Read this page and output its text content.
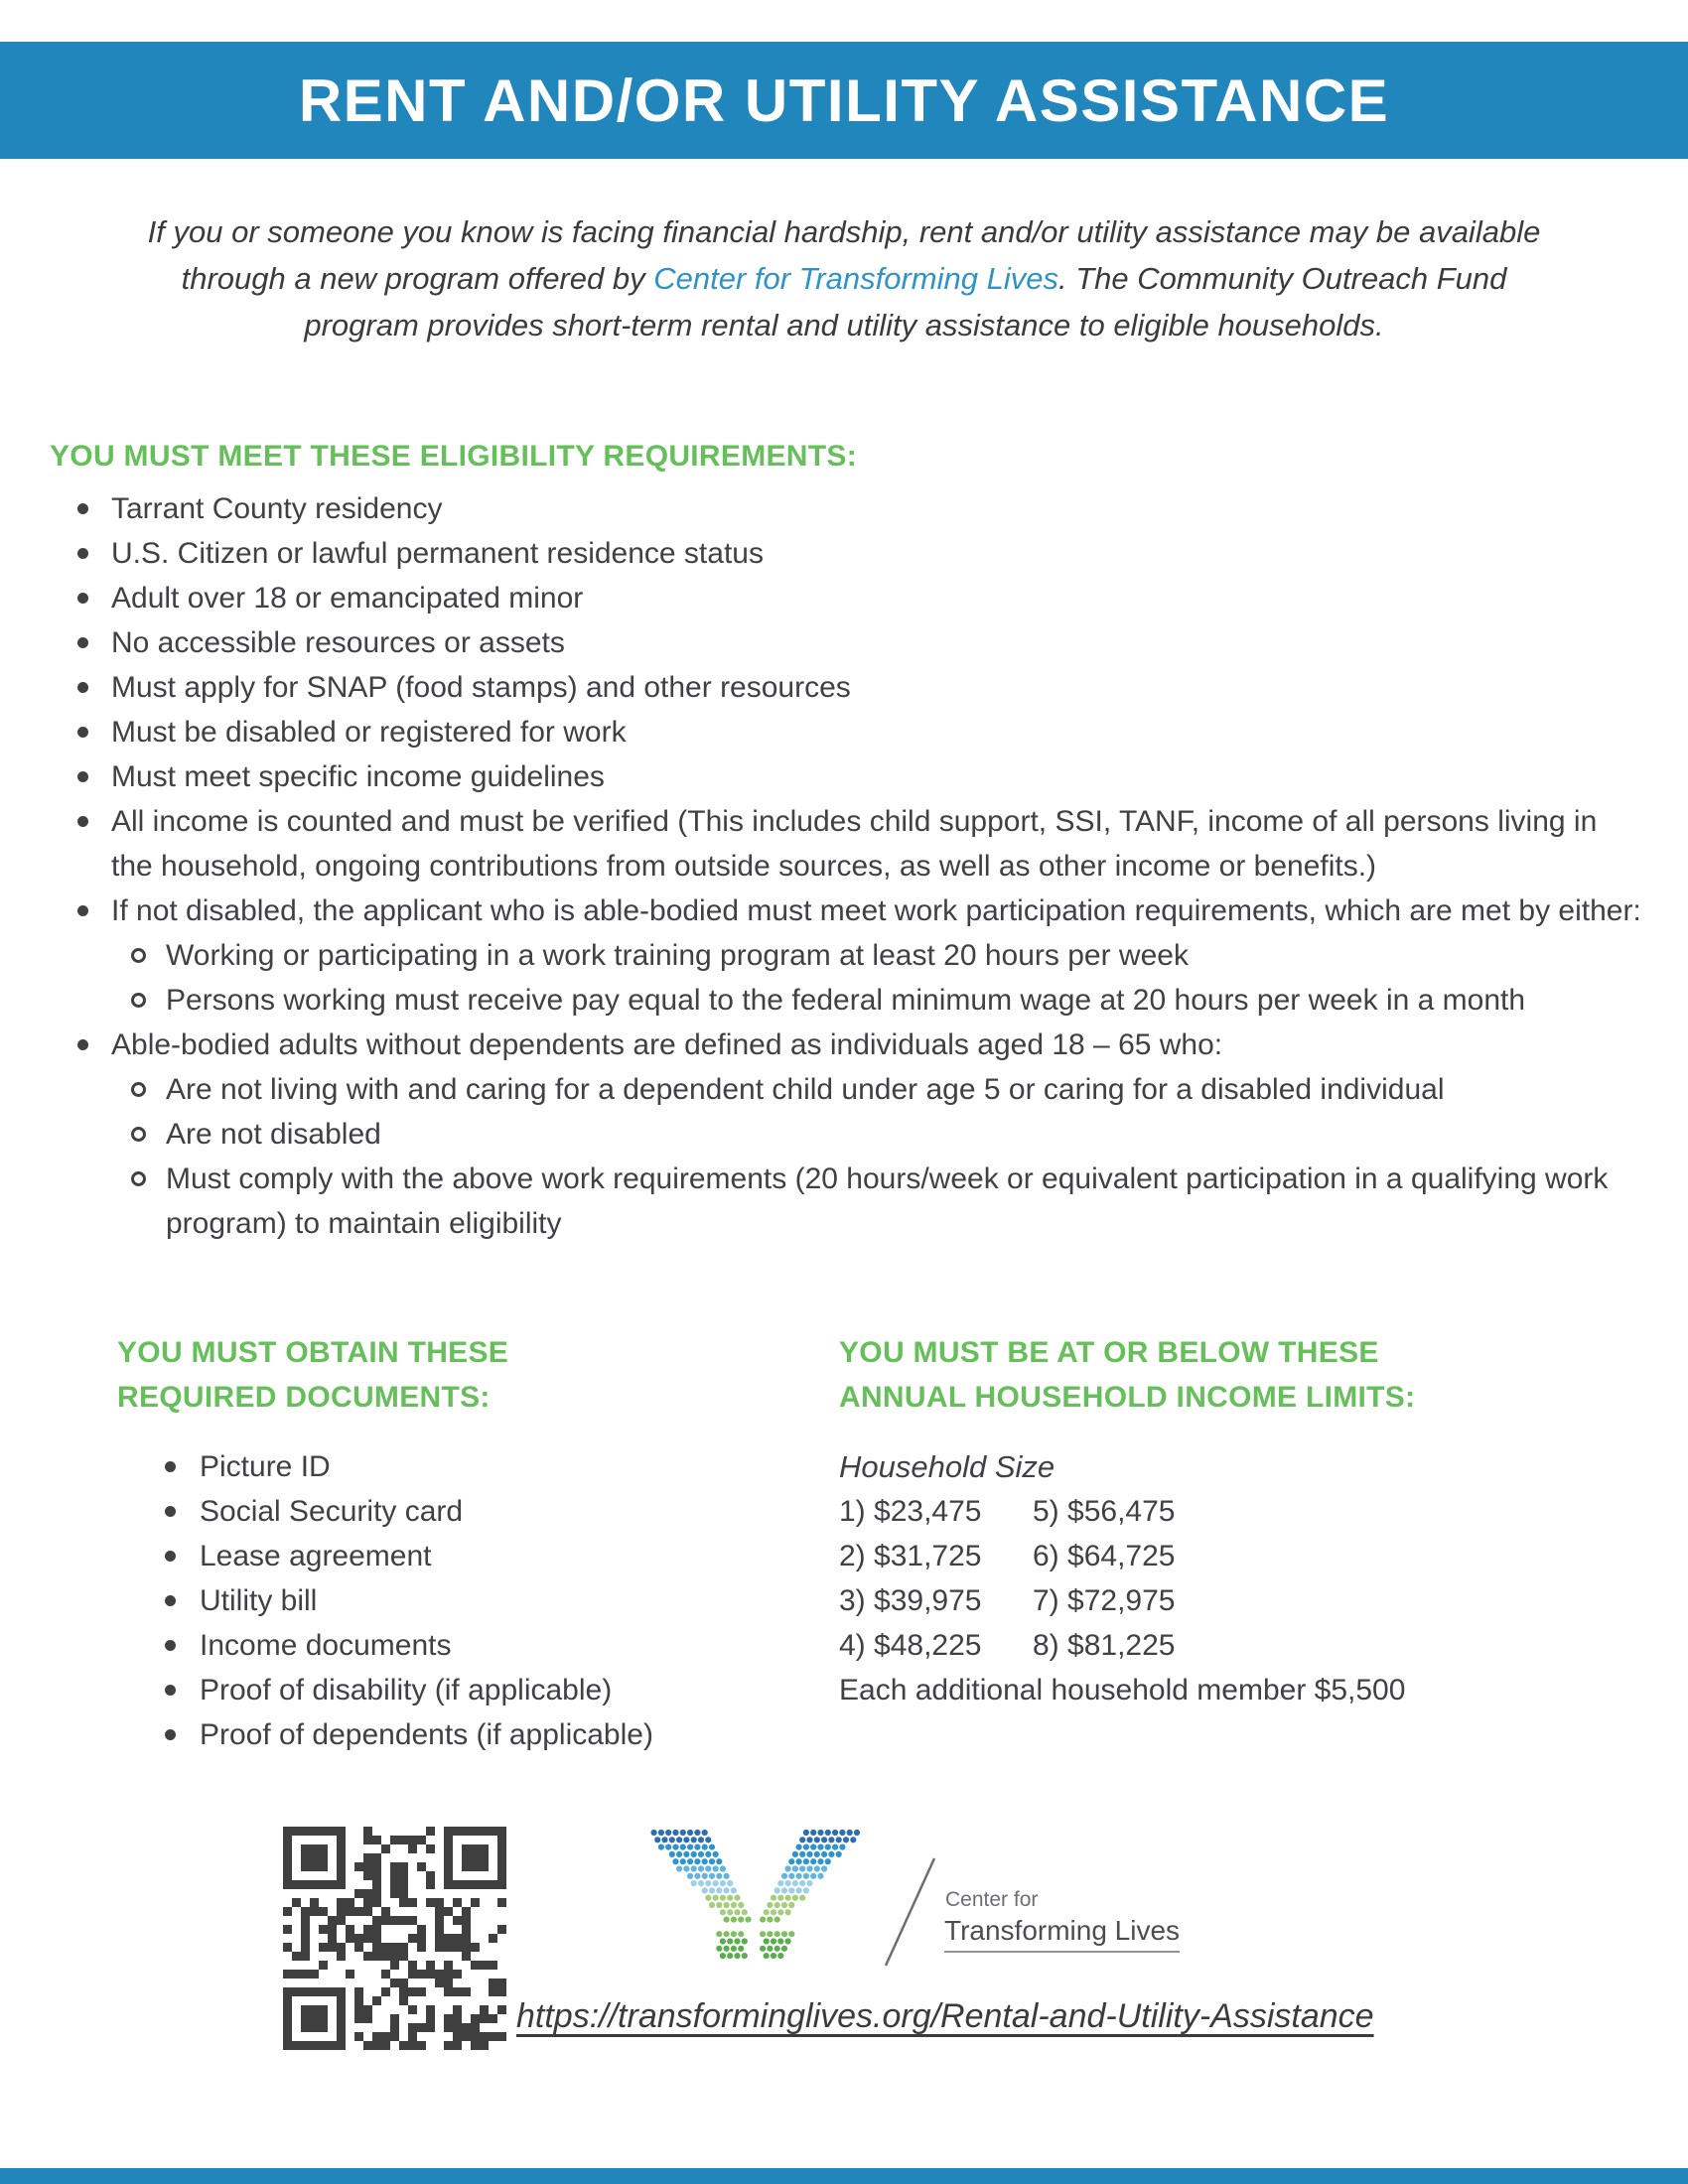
RENT AND/OR UTILITY ASSISTANCE

If you or someone you know is facing financial hardship, rent and/or utility assistance may be available
through a new program offered by Center for Transforming Lives. The Community Outreach Fund
program provides short-term rental and utility assistance to eligible households.

YOU MUST MEET THESE ELIGIBILITY REQUIREMENTS:
Tarrant County residency
U.S. Citizen or lawful permanent residence status
Adult over 18 or emancipated minor
No accessible resources or assets
Must apply for SNAP (food stamps) and other resources
Must be disabled or registered for work
Must meet specific income guidelines
All income is counted and must be verified (This includes child support, SSI, TANF, income of all persons living in the household, ongoing contributions from outside sources, as well as other income or benefits.)
If not disabled, the applicant who is able-bodied must meet work participation requirements, which are met by either:
Working or participating in a work training program at least 20 hours per week
Persons working must receive pay equal to the federal minimum wage at 20 hours per week in a month
Able-bodied adults without dependents are defined as individuals aged 18 – 65 who:
Are not living with and caring for a dependent child under age 5 or caring for a disabled individual
Are not disabled
Must comply with the above work requirements (20 hours/week or equivalent participation in a qualifying work program) to maintain eligibility
YOU MUST OBTAIN THESE
REQUIRED DOCUMENTS:
Picture ID
Social Security card
Lease agreement
Utility bill
Income documents
Proof of disability (if applicable)
Proof of dependents (if applicable)
YOU MUST BE AT OR BELOW THESE
ANNUAL HOUSEHOLD INCOME LIMITS:
Household Size
1) $23,475	5) $56,475
2) $31,725	6) $64,725
3) $39,975	7) $72,975
4) $48,225	8) $81,225
Each additional household member $5,500
Center for
Transforming Lives
https://transforminglives.org/Rental-and-Utility-Assistance
